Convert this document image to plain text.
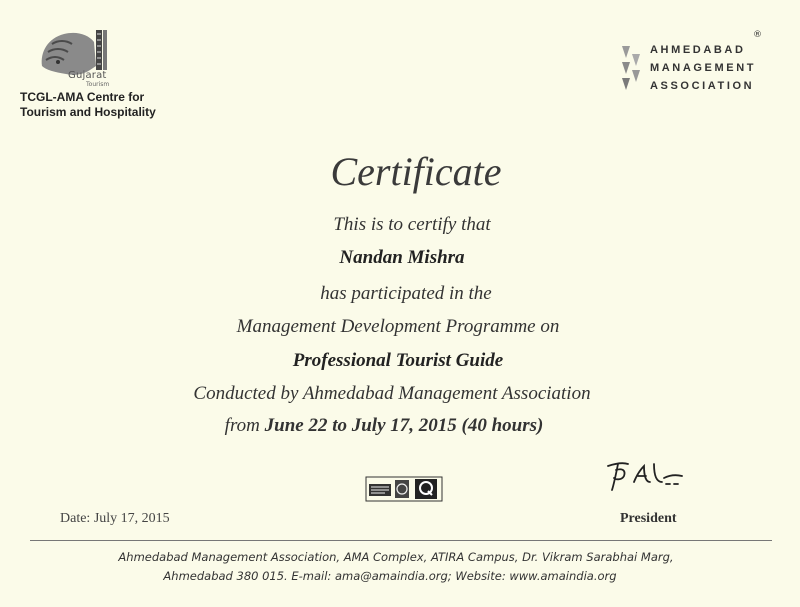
Gujarat
Tourism
TCGL-AMA Centre for
Tourism and Hospitality
AHMEDABAD
MANAGEMENT
ASSOCIATION
®
Certificate
This is to certify that
Nandan Mishra
has participated in the
Management Development Programme on
Professional Tourist Guide
Conducted by Ahmedabad Management Association
from June 22 to July 17, 2015 (40 hours)
Date: July 17, 2015	President
Ahmedabad Management Association, AMA Complex, ATIRA Campus, Dr. Vikram Sarabhai Marg,
Ahmedabad 380 015. E-mail: ama@amaindia.org; Website: www.amaindia.org
